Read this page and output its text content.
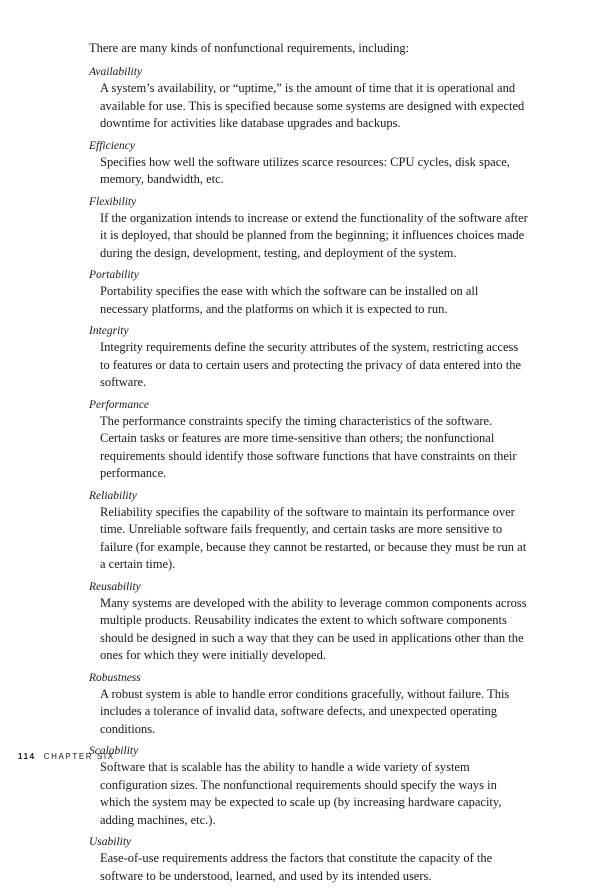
There are many kinds of nonfunctional requirements, including:

Availability
A system’s availability, or “uptime,” is the amount of time that it is operational and available for use. This is specified because some systems are designed with expected downtime for activities like database upgrades and backups.
Efficiency
Specifies how well the software utilizes scarce resources: CPU cycles, disk space, memory, bandwidth, etc.
Flexibility
If the organization intends to increase or extend the functionality of the software after it is deployed, that should be planned from the beginning; it influences choices made during the design, development, testing, and deployment of the system.
Portability
Portability specifies the ease with which the software can be installed on all necessary platforms, and the platforms on which it is expected to run.
Integrity
Integrity requirements define the security attributes of the system, restricting access to features or data to certain users and protecting the privacy of data entered into the software.
Performance
The performance constraints specify the timing characteristics of the software. Certain tasks or features are more time-sensitive than others; the nonfunctional requirements should identify those software functions that have constraints on their performance.
Reliability
Reliability specifies the capability of the software to maintain its performance over time. Unreliable software fails frequently, and certain tasks are more sensitive to failure (for example, because they cannot be restarted, or because they must be run at a certain time).
Reusability
Many systems are developed with the ability to leverage common components across multiple products. Reusability indicates the extent to which software components should be designed in such a way that they can be used in applications other than the ones for which they were initially developed.
Robustness
A robust system is able to handle error conditions gracefully, without failure. This includes a tolerance of invalid data, software defects, and unexpected operating conditions.
Scalability
Software that is scalable has the ability to handle a wide variety of system configuration sizes. The nonfunctional requirements should specify the ways in which the system may be expected to scale up (by increasing hardware capacity, adding machines, etc.).
Usability
Ease-of-use requirements address the factors that constitute the capacity of the software to be understood, learned, and used by its intended users.
114 CHAPTER SIX
